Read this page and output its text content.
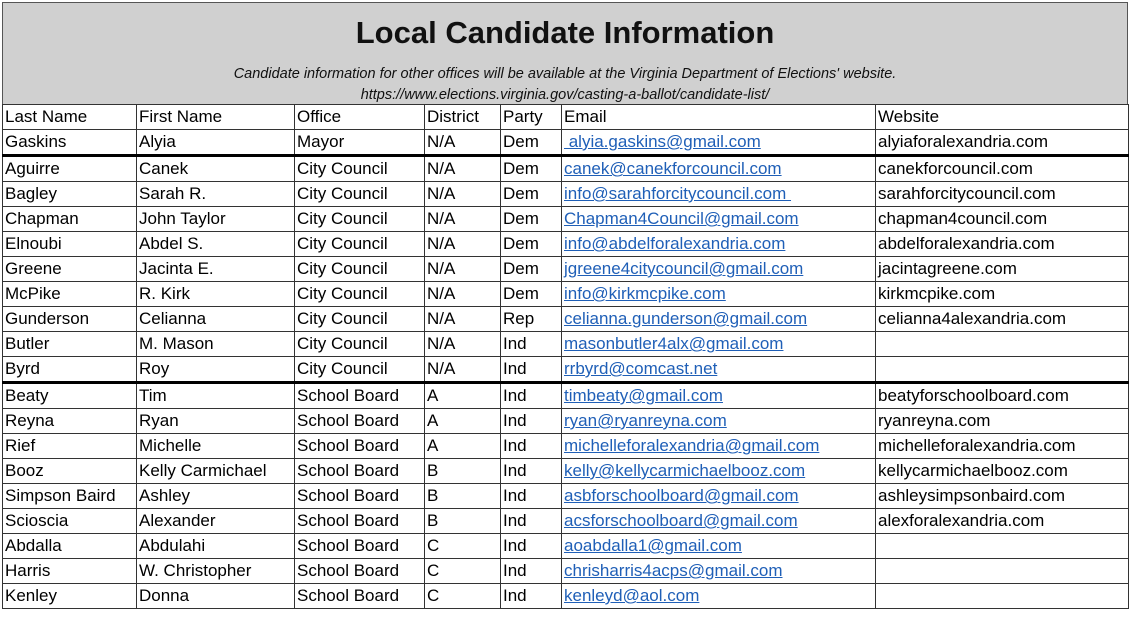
Local Candidate Information
Candidate information for other offices will be available at the Virginia Department of Elections' website.
https://www.elections.virginia.gov/casting-a-ballot/candidate-list/
Last Name	First Name	Office	District	Party	Email	Website
Gaskins	Alyia	Mayor	N/A	Dem	alyia.gaskins@gmail.com	alyiaforalexandria.com
Aguirre	Canek	City Council	N/A	Dem	canek@canekforcouncil.com	canekforcouncil.com
Bagley	Sarah R.	City Council	N/A	Dem	info@sarahforcitycouncil.com	sarahforcitycouncil.com
Chapman	John Taylor	City Council	N/A	Dem	Chapman4Council@gmail.com	chapman4council.com
Elnoubi	Abdel S.	City Council	N/A	Dem	info@abdelforalexandria.com	abdelforalexandria.com
Greene	Jacinta E.	City Council	N/A	Dem	jgreene4citycouncil@gmail.com	jacintagreene.com
McPike	R. Kirk	City Council	N/A	Dem	info@kirkmcpike.com	kirkmcpike.com
Gunderson	Celianna	City Council	N/A	Rep	celianna.gunderson@gmail.com	celianna4alexandria.com
Butler	M. Mason	City Council	N/A	Ind	masonbutler4alx@gmail.com	
Byrd	Roy	City Council	N/A	Ind	rrbyrd@comcast.net	
Beaty	Tim	School Board	A	Ind	timbeaty@gmail.com	beatyforschoolboard.com
Reyna	Ryan	School Board	A	Ind	ryan@ryanreyna.com	ryanreyna.com
Rief	Michelle	School Board	A	Ind	michelleforalexandria@gmail.com	michelleforalexandria.com
Booz	Kelly Carmichael	School Board	B	Ind	kelly@kellycarmichaelbooz.com	kellycarmichaelbooz.com
Simpson Baird	Ashley	School Board	B	Ind	asbforschoolboard@gmail.com	ashleysimpsonbaird.com
Scioscia	Alexander	School Board	B	Ind	acsforschoolboard@gmail.com	alexforalexandria.com
Abdalla	Abdulahi	School Board	C	Ind	aoabdalla1@gmail.com	
Harris	W. Christopher	School Board	C	Ind	chrisharris4acps@gmail.com	
Kenley	Donna	School Board	C	Ind	kenleyd@aol.com	
